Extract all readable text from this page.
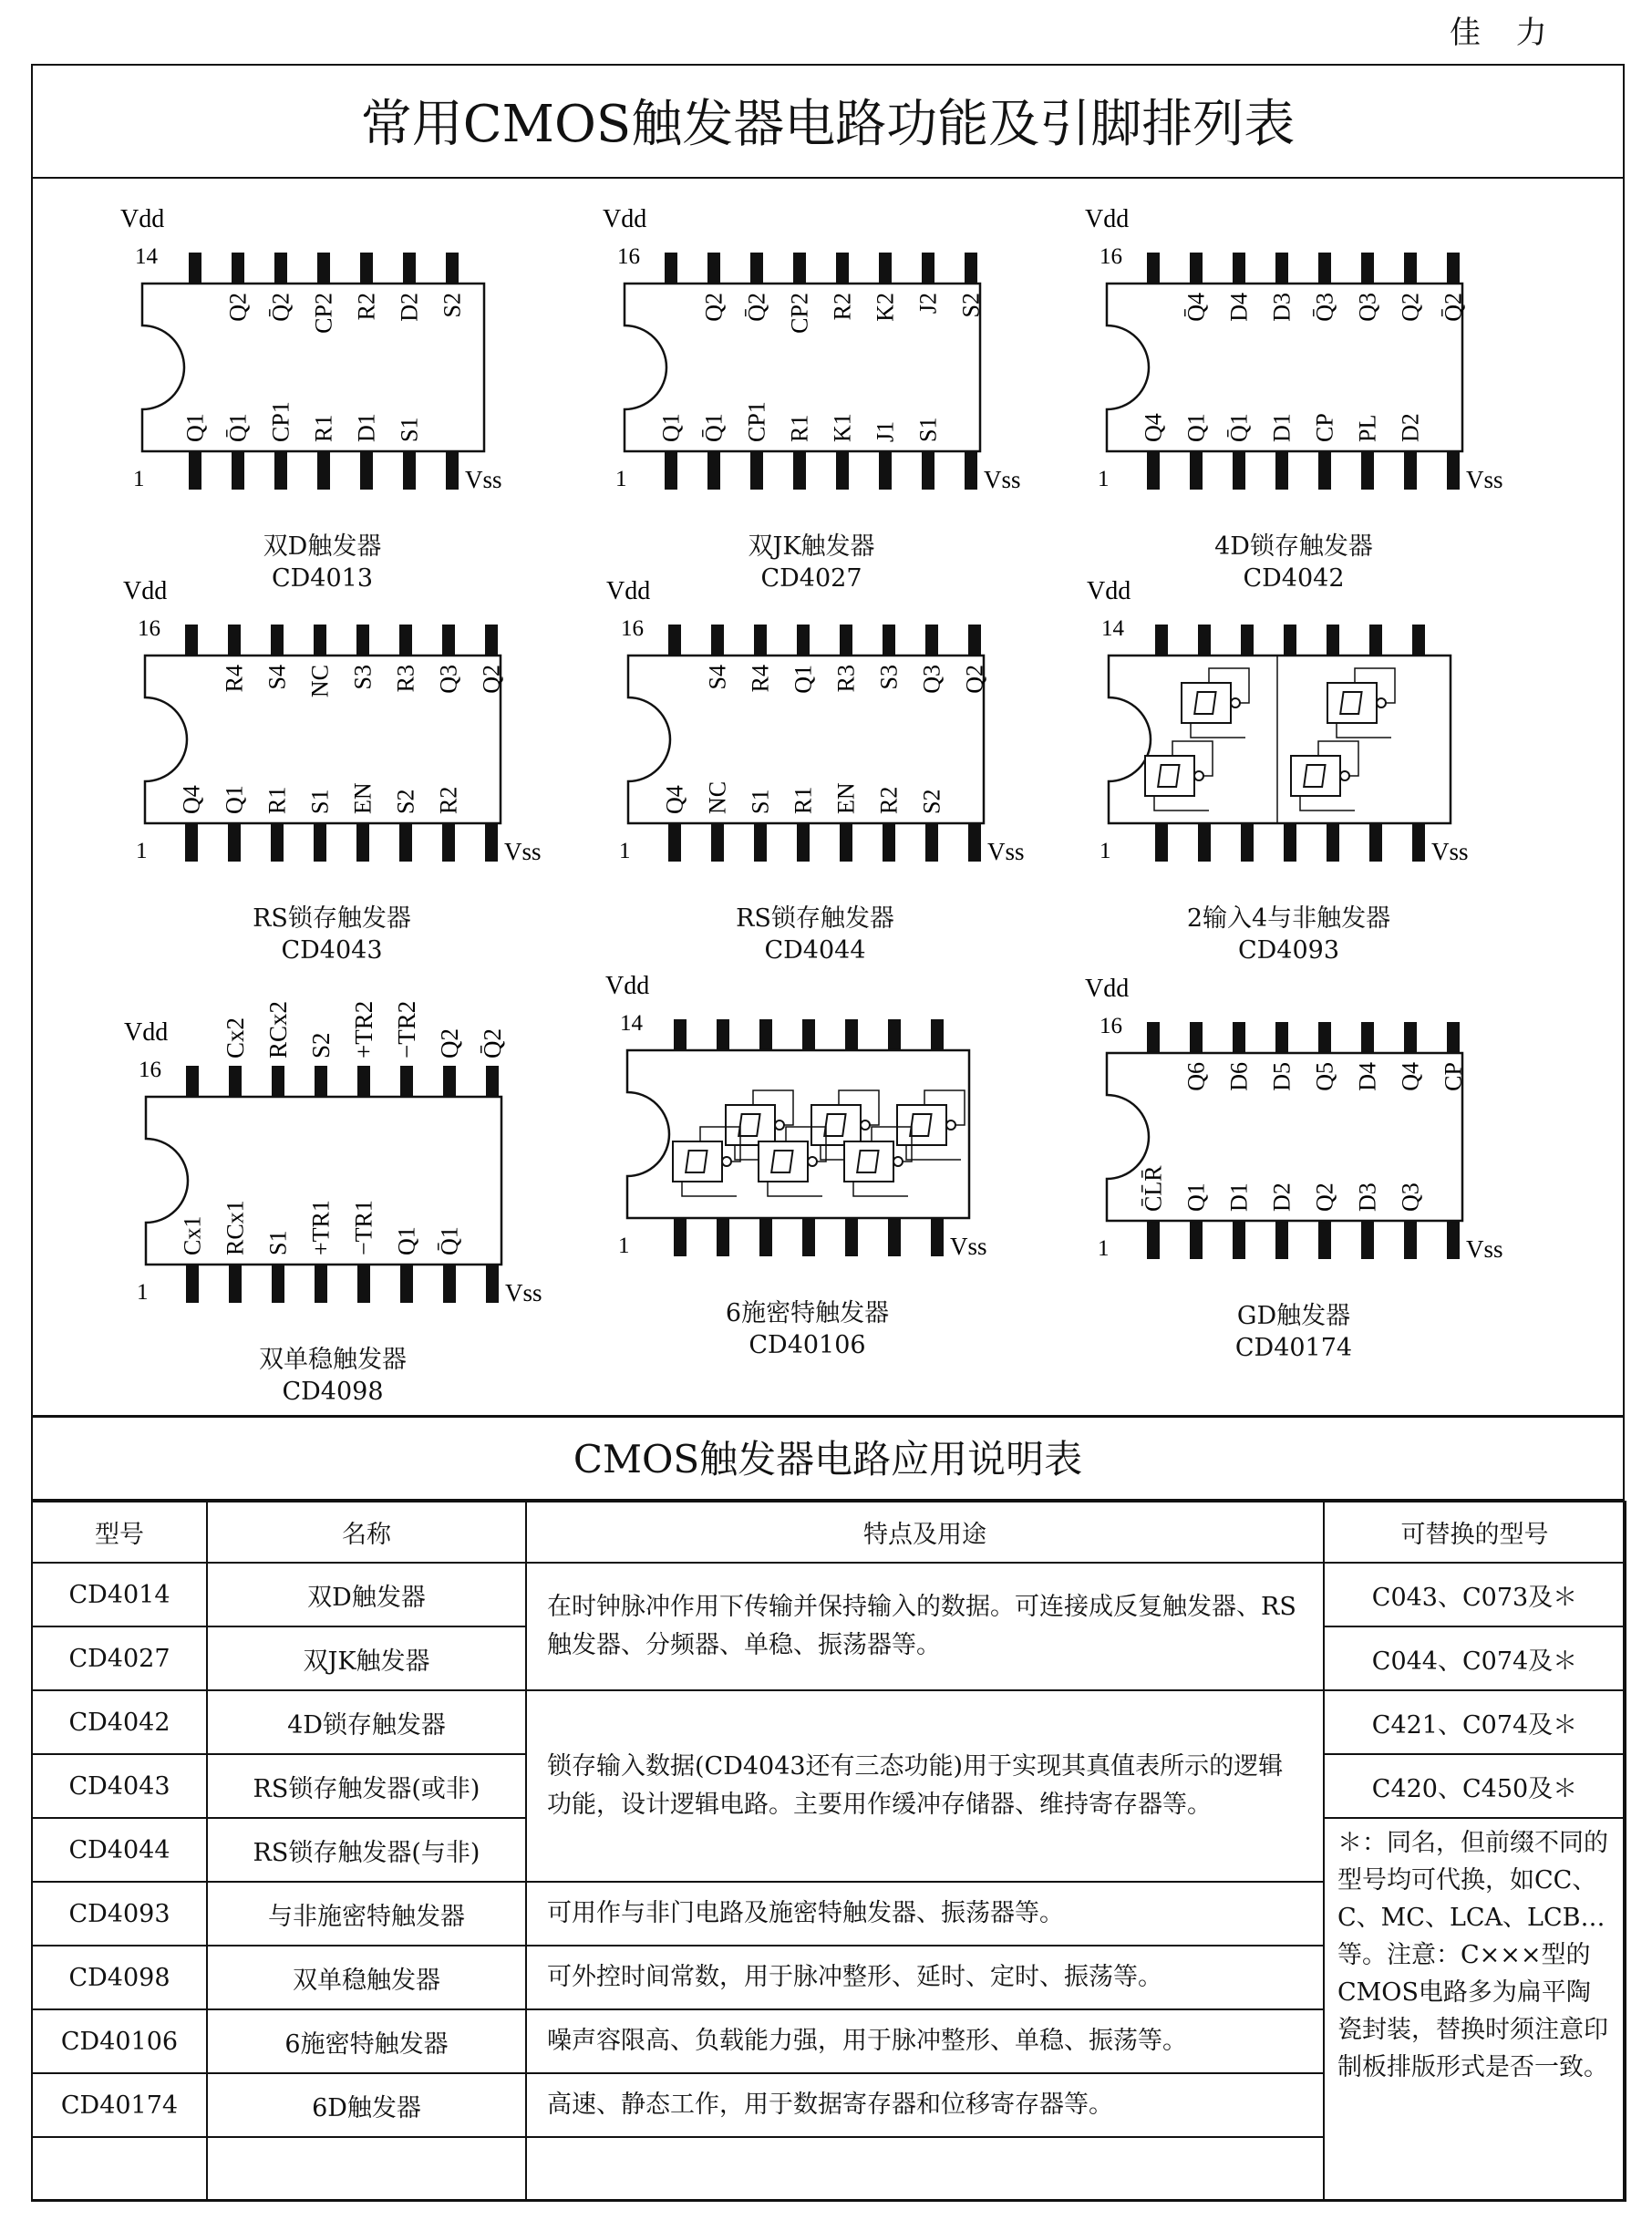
佳 力
常用CMOS触发器电路功能及引脚排列表
Q2 Q̄2 CP2 R2 D2 S2
Q1 Q̄1 CP1 R1 D1 S1
Vdd
14
1	Vss
双D触发器
CD4013
Q2 Q̄2 CP2 R2 K2 J2 S2
Q1 Q̄1 CP1 R1 K1 J1 S1
Vdd
16
1	Vss
双JK触发器
CD4027
Q̄4 D4 D3 Q̄3 Q3 Q2 Q̄2
Q4 Q1 Q̄1 D1 CP PL D2
Vdd
16
1	Vss
4D锁存触发器
CD4042
R4 S4 NC S3 R3 Q3 Q2
Q4 Q1 R1 S1 EN S2 R2
Vdd
16
1	Vss
RS锁存触发器
CD4043
S4 R4 Q1 R3 S3 Q3 Q2
Q4 NC S1 R1 EN R2 S2
Vdd
16
1	Vss
RS锁存触发器
CD4044
Vdd
14
1	Vss
2输入4与非触发器
CD4093
Cx2 RCx2 S2 +TR2 −TR2 Q2 Q̄2
Cx1 RCx1 S1 +TR1 −TR1 Q1 Q̄1
Vdd
16
1	Vss
双单稳触发器
CD4098
Vdd
14
1	Vss
6施密特触发器
CD40106
Q6 D6 D5 Q5 D4 Q4 CP
C̄L̄R̄ Q1 D1 D2 Q2 D3 Q3
Vdd
16
1	Vss
GD触发器
CD40174
CMOS触发器电路应用说明表
型号	名称	特点及用途	可替换的型号
CD4014	双D触发器	在时钟脉冲作用下传输并保持输入的数据。可连接成反复触发器、RS触发器、分频器、单稳、振荡器等。	C043、C073及＊
CD4027	双JK触发器		C044、C074及＊
CD4042	4D锁存触发器	锁存输入数据(CD4043还有三态功能)用于实现其真值表所示的逻辑功能，设计逻辑电路。主要用作缓冲存储器、维持寄存器等。	C421、C074及＊
CD4043	RS锁存触发器(或非)		C420、C450及＊
CD4044	RS锁存触发器(与非)		＊：同名，但前缀不同的型号均可代换，如CC、C、MC、LCA、LCB…等。注意：C×××型的CMOS电路多为扁平陶瓷封装，替换时须注意印制板排版形式是否一致。
CD4093	与非施密特触发器	可用作与非门电路及施密特触发器、振荡器等。	
CD4098	双单稳触发器	可外控时间常数，用于脉冲整形、延时、定时、振荡等。	
CD40106	6施密特触发器	噪声容限高、负载能力强，用于脉冲整形、单稳、振荡等。	
CD40174	6D触发器	高速、静态工作，用于数据寄存器和位移寄存器等。	
